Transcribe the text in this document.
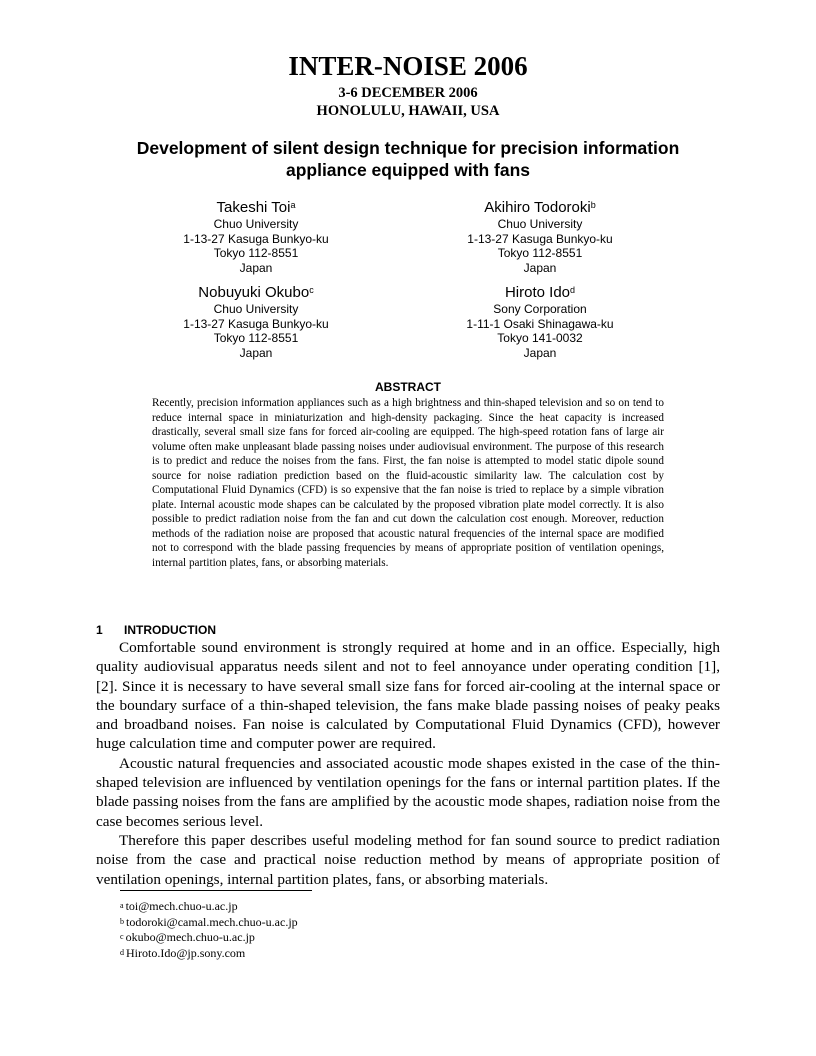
INTER-NOISE 2006
3-6 DECEMBER 2006
HONOLULU, HAWAII, USA
Development of silent design technique for precision information appliance equipped with fans
Takeshi Toi$^a$
Chuo University
1-13-27 Kasuga Bunkyo-ku
Tokyo 112-8551
Japan
Akihiro Todoroki$^b$
Chuo University
1-13-27 Kasuga Bunkyo-ku
Tokyo 112-8551
Japan
Nobuyuki Okubo$^c$
Chuo University
1-13-27 Kasuga Bunkyo-ku
Tokyo 112-8551
Japan
Hiroto Ido$^d$
Sony Corporation
1-11-1 Osaki Shinagawa-ku
Tokyo 141-0032
Japan
ABSTRACT
Recently, precision information appliances such as a high brightness and thin-shaped television and so on tend to reduce internal space in miniaturization and high-density packaging. Since the heat capacity is increased drastically, several small size fans for forced air-cooling are equipped. The high-speed rotation fans of large air volume often make unpleasant blade passing noises under audiovisual environment. The purpose of this research is to predict and reduce the noises from the fans. First, the fan noise is attempted to model static dipole sound source for noise radiation prediction based on the fluid-acoustic similarity law. The calculation cost by Computational Fluid Dynamics (CFD) is so expensive that the fan noise is tried to replace by a simple vibration plate. Internal acoustic mode shapes can be calculated by the proposed vibration plate model correctly. It is also possible to predict radiation noise from the fan and cut down the calculation cost enough. Moreover, reduction methods of the radiation noise are proposed that acoustic natural frequencies of the internal space are modified not to correspond with the blade passing frequencies by means of appropriate position of ventilation openings, internal partition plates, fans, or absorbing materials.
1 INTRODUCTION

Comfortable sound environment is strongly required at home and in an office. Especially, high quality audiovisual apparatus needs silent and not to feel annoyance under operating condition [1], [2]. Since it is necessary to have several small size fans for forced air-cooling at the internal space or the boundary surface of a thin-shaped television, the fans make blade passing noises of peaky peaks and broadband noises. Fan noise is calculated by Computational Fluid Dynamics (CFD), however huge calculation time and computer power are required.

Acoustic natural frequencies and associated acoustic mode shapes existed in the case of the thin-shaped television are influenced by ventilation openings for the fans or internal partition plates. If the blade passing noises from the fans are amplified by the acoustic mode shapes, radiation noise from the case becomes serious level.

Therefore this paper describes useful modeling method for fan sound source to predict radiation noise from the case and practical noise reduction method by means of appropriate position of ventilation openings, internal partition plates, fans, or absorbing materials.

$^a$ toi@mech.chuo-u.ac.jp
$^b$ todoroki@camal.mech.chuo-u.ac.jp
$^c$ okubo@mech.chuo-u.ac.jp
$^d$ Hiroto.Ido@jp.sony.com
